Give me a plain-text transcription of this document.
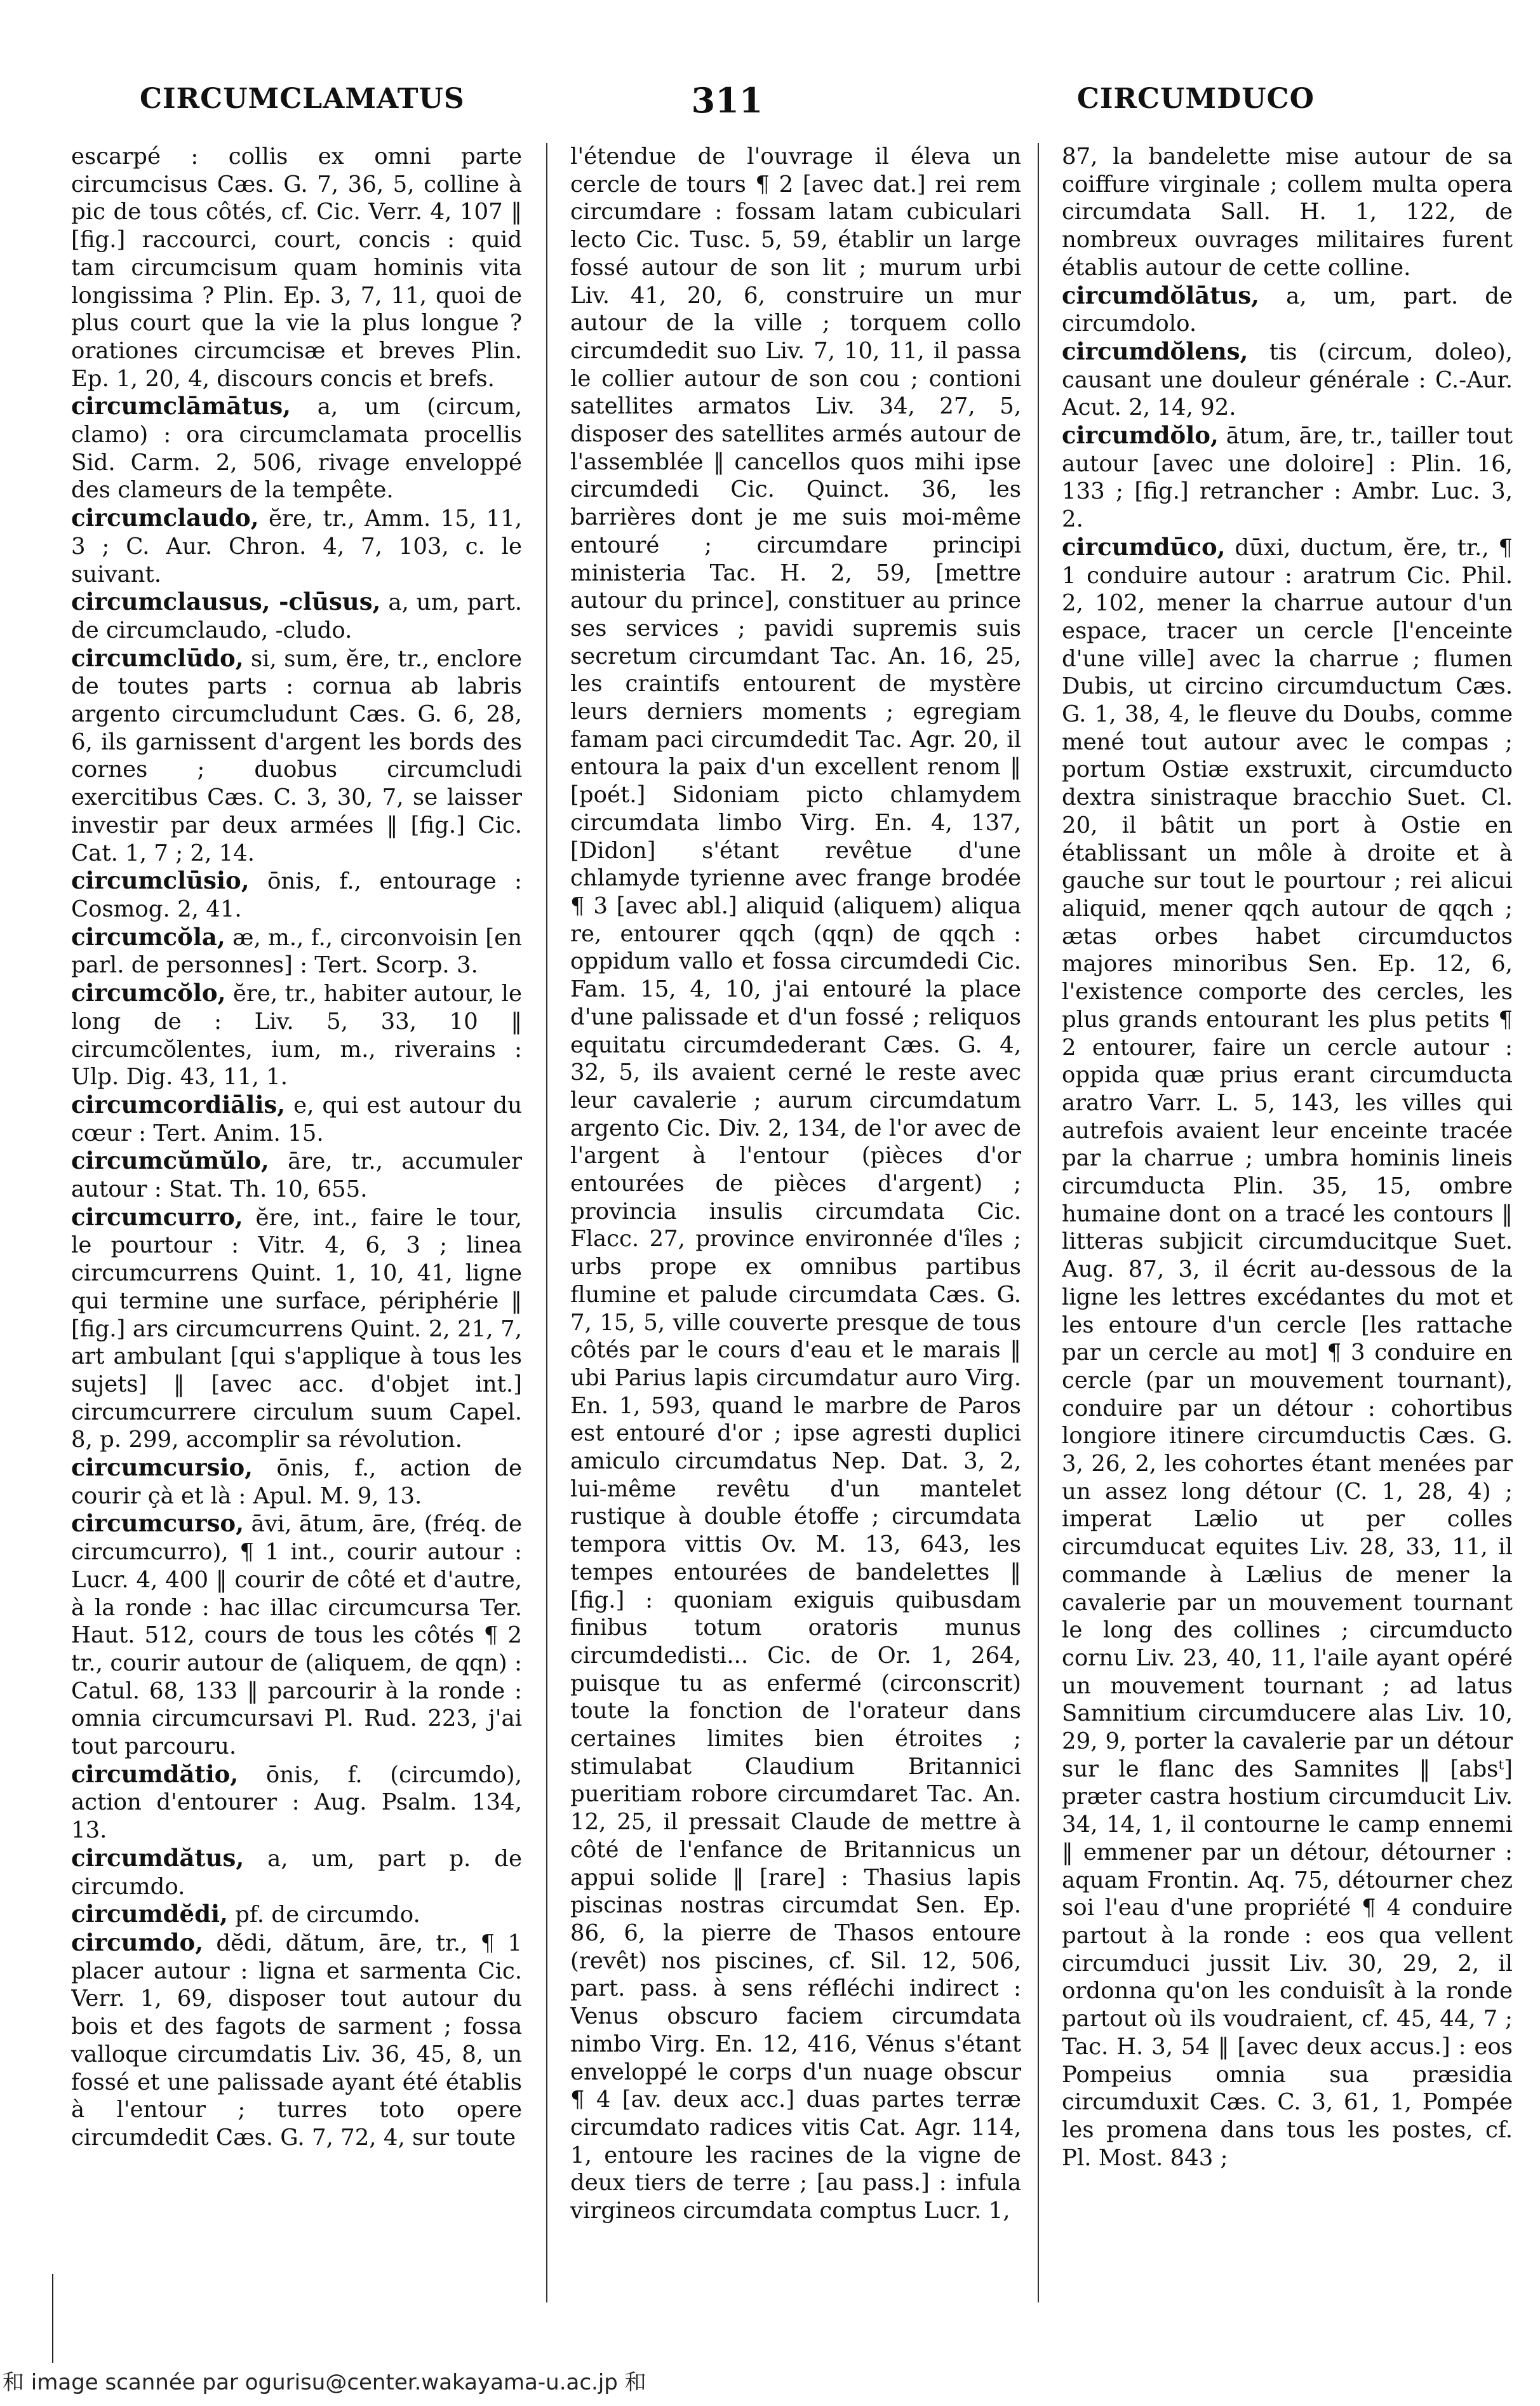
CIRCUMCLAMATUS	311	CIRCUMDUCO

escarpé : collis ex omni parte circumcisus Cæs. G. 7, 36, 5, colline à pic de tous côtés, cf. Cic. Verr. 4, 107 ‖ [fig.] raccourci, court, concis : quid tam circumcisum quam hominis vita longissima ? Plin. Ep. 3, 7, 11, quoi de plus court que la vie la plus longue ? orationes circumcisæ et breves Plin. Ep. 1, 20, 4, discours concis et brefs.

circumclāmātus, a, um (circum, clamo) : ora circumclamata procellis Sid. Carm. 2, 506, rivage enveloppé des clameurs de la tempête.

circumclaudo, ĕre, tr., Amm. 15, 11, 3 ; C. Aur. Chron. 4, 7, 103, c. le suivant.

circumclausus, -clūsus, a, um, part. de circumclaudo, -cludo.

circumclūdo, si, sum, ĕre, tr., enclore de toutes parts : cornua ab labris argento circumcludunt Cæs. G. 6, 28, 6, ils garnissent d'argent les bords des cornes ; duobus circumcludi exercitibus Cæs. C. 3, 30, 7, se laisser investir par deux armées ‖ [fig.] Cic. Cat. 1, 7 ; 2, 14.

circumclūsio, ōnis, f., entourage : Cosmog. 2, 41.

circumcŏla, æ, m., f., circonvoisin [en parl. de personnes] : Tert. Scorp. 3.

circumcŏlo, ĕre, tr., habiter autour, le long de : Liv. 5, 33, 10 ‖ circumcŏlentes, ium, m., riverains : Ulp. Dig. 43, 11, 1.

circumcordiālis, e, qui est autour du cœur : Tert. Anim. 15.

circumcŭmŭlo, āre, tr., accumuler autour : Stat. Th. 10, 655.

circumcurro, ĕre, int., faire le tour, le pourtour : Vitr. 4, 6, 3 ; linea circumcurrens Quint. 1, 10, 41, ligne qui termine une surface, périphérie ‖ [fig.] ars circumcurrens Quint. 2, 21, 7, art ambulant [qui s'applique à tous les sujets] ‖ [avec acc. d'objet int.] circumcurrere circulum suum Capel. 8, p. 299, accomplir sa révolution.

circumcursio, ōnis, f., action de courir çà et là : Apul. M. 9, 13.

circumcurso, āvi, ātum, āre, (fréq. de circumcurro), ¶ 1 int., courir autour : Lucr. 4, 400 ‖ courir de côté et d'autre, à la ronde : hac illac circumcursa Ter. Haut. 512, cours de tous les côtés ¶ 2 tr., courir autour de (aliquem, de qqn) : Catul. 68, 133 ‖ parcourir à la ronde : omnia circumcursavi Pl. Rud. 223, j'ai tout parcouru.

circumdătio, ōnis, f. (circumdo), action d'entourer : Aug. Psalm. 134, 13.

circumdătus, a, um, part p. de circumdo.

circumdĕdi, pf. de circumdo.

circumdo, dĕdi, dătum, āre, tr., ¶ 1 placer autour : ligna et sarmenta Cic. Verr. 1, 69, disposer tout autour du bois et des fagots de sarment ; fossa valloque circumdatis Liv. 36, 45, 8, un fossé et une palissade ayant été établis à l'entour ; turres toto opere circumdedit Cæs. G. 7, 72, 4, sur toute

l'étendue de l'ouvrage il éleva un cercle de tours ¶ 2 [avec dat.] rei rem circumdare : fossam latam cubiculari lecto Cic. Tusc. 5, 59, établir un large fossé autour de son lit ; murum urbi Liv. 41, 20, 6, construire un mur autour de la ville ; torquem collo circumdedit suo Liv. 7, 10, 11, il passa le collier autour de son cou ; contioni satellites armatos Liv. 34, 27, 5, disposer des satellites armés autour de l'assemblée ‖ cancellos quos mihi ipse circumdedi Cic. Quinct. 36, les barrières dont je me suis moi-même entouré ; circumdare principi ministeria Tac. H. 2, 59, [mettre autour du prince], constituer au prince ses services ; pavidi supremis suis secretum circumdant Tac. An. 16, 25, les craintifs entourent de mystère leurs derniers moments ; egregiam famam paci circumdedit Tac. Agr. 20, il entoura la paix d'un excellent renom ‖ [poét.] Sidoniam picto chlamydem circumdata limbo Virg. En. 4, 137, [Didon] s'étant revêtue d'une chlamyde tyrienne avec frange brodée ¶ 3 [avec abl.] aliquid (aliquem) aliqua re, entourer qqch (qqn) de qqch : oppidum vallo et fossa circumdedi Cic. Fam. 15, 4, 10, j'ai entouré la place d'une palissade et d'un fossé ; reliquos equitatu circumdederant Cæs. G. 4, 32, 5, ils avaient cerné le reste avec leur cavalerie ; aurum circumdatum argento Cic. Div. 2, 134, de l'or avec de l'argent à l'entour (pièces d'or entourées de pièces d'argent) ; provincia insulis circumdata Cic. Flacc. 27, province environnée d'îles ; urbs prope ex omnibus partibus flumine et palude circumdata Cæs. G. 7, 15, 5, ville couverte presque de tous côtés par le cours d'eau et le marais ‖ ubi Parius lapis circumdatur auro Virg. En. 1, 593, quand le marbre de Paros est entouré d'or ; ipse agresti duplici amiculo circumdatus Nep. Dat. 3, 2, lui-même revêtu d'un mantelet rustique à double étoffe ; circumdata tempora vittis Ov. M. 13, 643, les tempes entourées de bandelettes ‖ [fig.] : quoniam exiguis quibusdam finibus totum oratoris munus circumdedisti... Cic. de Or. 1, 264, puisque tu as enfermé (circonscrit) toute la fonction de l'orateur dans certaines limites bien étroites ; stimulabat Claudium Britannici pueritiam robore circumdaret Tac. An. 12, 25, il pressait Claude de mettre à côté de l'enfance de Britannicus un appui solide ‖ [rare] : Thasius lapis piscinas nostras circumdat Sen. Ep. 86, 6, la pierre de Thasos entoure (revêt) nos piscines, cf. Sil. 12, 506, part. pass. à sens réfléchi indirect : Venus obscuro faciem circumdata nimbo Virg. En. 12, 416, Vénus s'étant enveloppé le corps d'un nuage obscur ¶ 4 [av. deux acc.] duas partes terræ circumdato radices vitis Cat. Agr. 114, 1, entoure les racines de la vigne de deux tiers de terre ; [au pass.] : infula virgineos circumdata comptus Lucr. 1,

87, la bandelette mise autour de sa coiffure virginale ; collem multa opera circumdata Sall. H. 1, 122, de nombreux ouvrages militaires furent établis autour de cette colline.

circumdŏlātus, a, um, part. de circumdolo.

circumdŏlens, tis (circum, doleo), causant une douleur générale : C.-Aur. Acut. 2, 14, 92.

circumdŏlo, ātum, āre, tr., tailler tout autour [avec une doloire] : Plin. 16, 133 ; [fig.] retrancher : Ambr. Luc. 3, 2.

circumdūco, dūxi, ductum, ĕre, tr., ¶ 1 conduire autour : aratrum Cic. Phil. 2, 102, mener la charrue autour d'un espace, tracer un cercle [l'enceinte d'une ville] avec la charrue ; flumen Dubis, ut circino circumductum Cæs. G. 1, 38, 4, le fleuve du Doubs, comme mené tout autour avec le compas ; portum Ostiæ exstruxit, circumducto dextra sinistraque bracchio Suet. Cl. 20, il bâtit un port à Ostie en établissant un môle à droite et à gauche sur tout le pourtour ; rei alicui aliquid, mener qqch autour de qqch ; ætas orbes habet circumductos majores minoribus Sen. Ep. 12, 6, l'existence comporte des cercles, les plus grands entourant les plus petits ¶ 2 entourer, faire un cercle autour : oppida quæ prius erant circumducta aratro Varr. L. 5, 143, les villes qui autrefois avaient leur enceinte tracée par la charrue ; umbra hominis lineis circumducta Plin. 35, 15, ombre humaine dont on a tracé les contours ‖ litteras subjicit circumducitque Suet. Aug. 87, 3, il écrit au-dessous de la ligne les lettres excédantes du mot et les entoure d'un cercle [les rattache par un cercle au mot] ¶ 3 conduire en cercle (par un mouvement tournant), conduire par un détour : cohortibus longiore itinere circumductis Cæs. G. 3, 26, 2, les cohortes étant menées par un assez long détour (C. 1, 28, 4) ; imperat Lælio ut per colles circumducat equites Liv. 28, 33, 11, il commande à Lælius de mener la cavalerie par un mouvement tournant le long des collines ; circumducto cornu Liv. 23, 40, 11, l'aile ayant opéré un mouvement tournant ; ad latus Samnitium circumducere alas Liv. 10, 29, 9, porter la cavalerie par un détour sur le flanc des Samnites ‖ [absᵗ] præter castra hostium circumducit Liv. 34, 14, 1, il contourne le camp ennemi ‖ emmener par un détour, détourner : aquam Frontin. Aq. 75, détourner chez soi l'eau d'une propriété ¶ 4 conduire partout à la ronde : eos qua vellent circumduci jussit Liv. 30, 29, 2, il ordonna qu'on les conduisît à la ronde partout où ils voudraient, cf. 45, 44, 7 ; Tac. H. 3, 54 ‖ [avec deux accus.] : eos Pompeius omnia sua præsidia circumduxit Cæs. C. 3, 61, 1, Pompée les promena dans tous les postes, cf. Pl. Most. 843 ;

和 image scannée par ogurisu@center.wakayama-u.ac.jp 和
